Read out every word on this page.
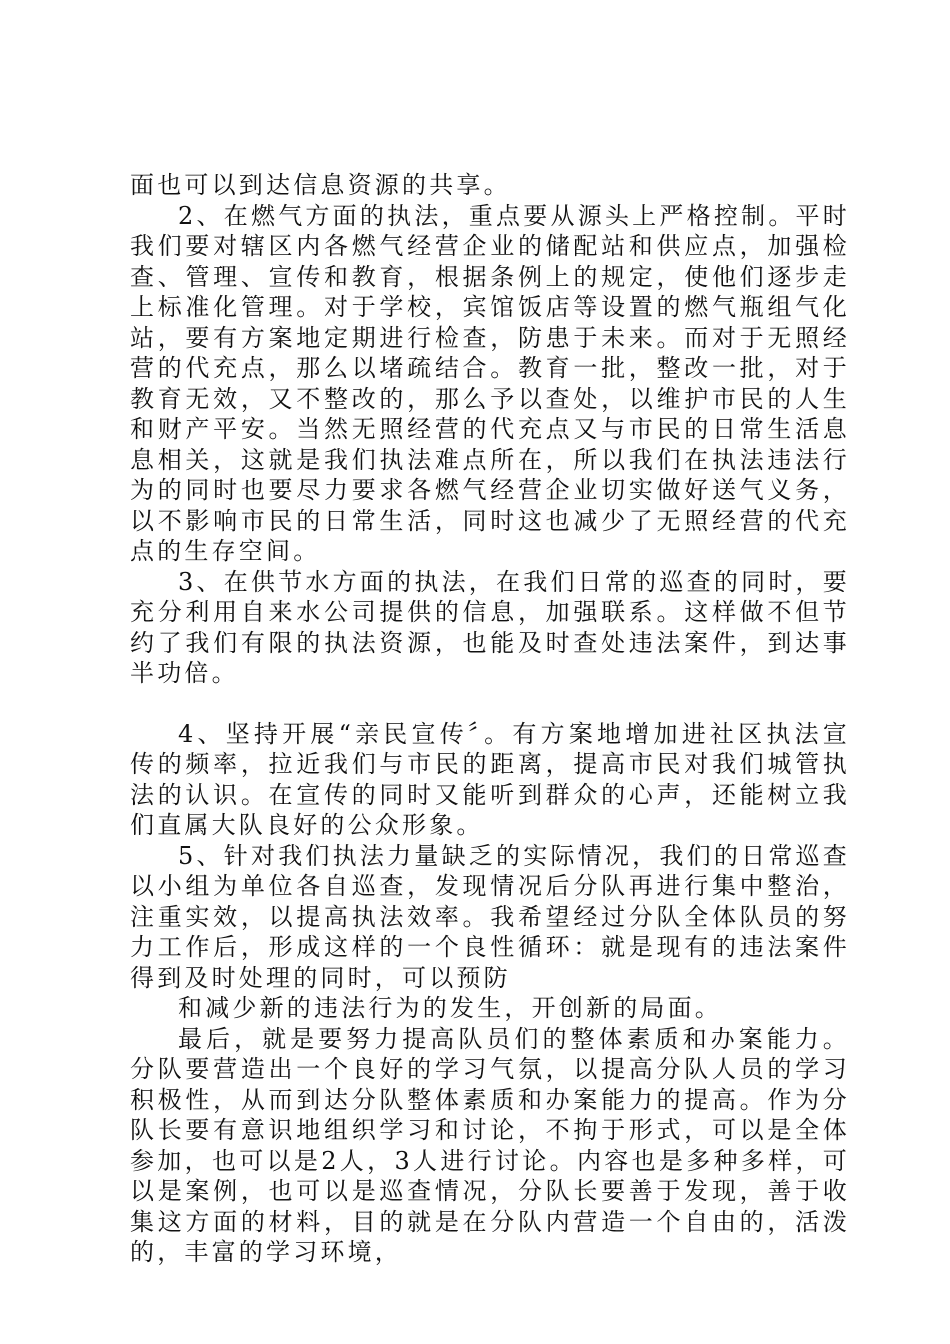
面也可以到达信息资源的共享。

2、在燃气方面的执法，重点要从源头上严格控制。平时我们要对辖区内各燃气经营企业的储配站和供应点，加强检查、管理、宣传和教育，根据条例上的规定，使他们逐步走上标准化管理。对于学校，宾馆饭店等设置的燃气瓶组气化站，要有方案地定期进行检查，防患于未来。而对于无照经营的代充点，那么以堵疏结合。教育一批，整改一批，对于教育无效，又不整改的，那么予以查处，以维护市民的人生和财产平安。当然无照经营的代充点又与市民的日常生活息息相关，这就是我们执法难点所在，所以我们在执法违法行为的同时也要尽力要求各燃气经营企业切实做好送气义务，以不影响市民的日常生活，同时这也减少了无照经营的代充点的生存空间。

3、在供节水方面的执法，在我们日常的巡查的同时，要充分利用自来水公司提供的信息，加强联系。这样做不但节约了我们有限的执法资源，也能及时查处违法案件，到达事半功倍。

4、坚持开展“亲民宣传〞。有方案地增加进社区执法宣传的频率，拉近我们与市民的距离，提高市民对我们城管执法的认识。在宣传的同时又能听到群众的心声，还能树立我们直属大队良好的公众形象。

5、针对我们执法力量缺乏的实际情况，我们的日常巡查以小组为单位各自巡查，发现情况后分队再进行集中整治，注重实效，以提高执法效率。我希望经过分队全体队员的努力工作后，形成这样的一个良性循环：就是现有的违法案件得到及时处理的同时，可以预防

和减少新的违法行为的发生，开创新的局面。

最后，就是要努力提高队员们的整体素质和办案能力。分队要营造出一个良好的学习气氛，以提高分队人员的学习积极性，从而到达分队整体素质和办案能力的提高。作为分队长要有意识地组织学习和讨论，不拘于形式，可以是全体参加，也可以是2人，3人进行讨论。内容也是多种多样，可以是案例，也可以是巡查情况，分队长要善于发现，善于收集这方面的材料，目的就是在分队内营造一个自由的，活泼的，丰富的学习环境，
